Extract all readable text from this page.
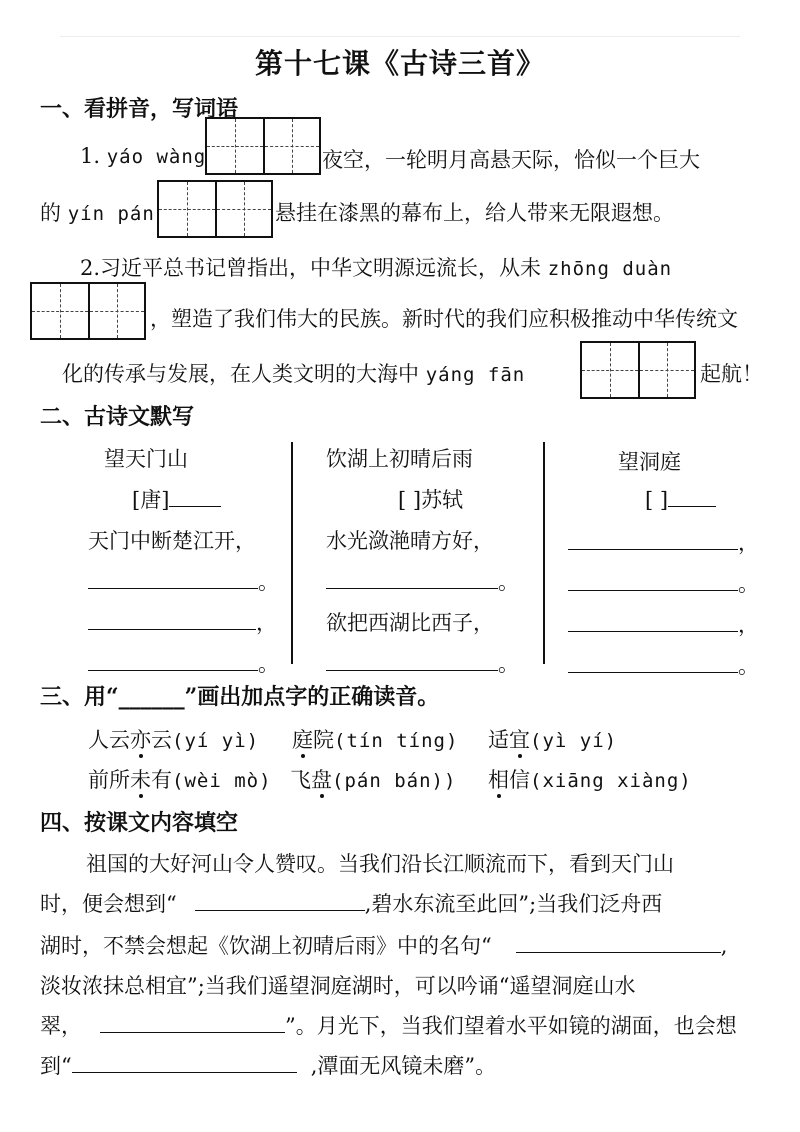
第十七课《古诗三首》
一、看拼音，写词语
1. yáo wàng	夜空，一轮明月高悬天际，恰似一个巨大
的 yín pán	悬挂在漆黑的幕布上，给人带来无限遐想。
2.习近平总书记曾指出，中华文明源远流长，从未 zhōng duàn
，塑造了我们伟大的民族。新时代的我们应积极推动中华传统文
化的传承与发展，在人类文明的大海中 yáng fān	起航！
二、古诗文默写
望天门山
[唐]
天门中断楚江开，
。
，
。
饮湖上初晴后雨
[ ]苏轼
水光潋滟晴方好，
。
欲把西湖比西子，
。
望洞庭
[ ]
，
。
，
。
三、用“______”画出加点字的正确读音。
人云亦云(yí yì) 庭院(tín tíng) 适宜(yì yí)
前所未有(wèi mò) 飞盘(pán bán)) 相信(xiāng xiàng)
四、按课文内容填空
祖国的大好河山令人赞叹。当我们沿长江顺流而下，看到天门山
时，便会想到“	,碧水东流至此回”;当我们泛舟西
湖时，不禁会想起《饮湖上初晴后雨》中的名句“	,
淡妆浓抹总相宜”;当我们遥望洞庭湖时，可以吟诵“遥望洞庭山水
翠，	”。月光下，当我们望着水平如镜的湖面，也会想
到“	,潭面无风镜未磨”。
